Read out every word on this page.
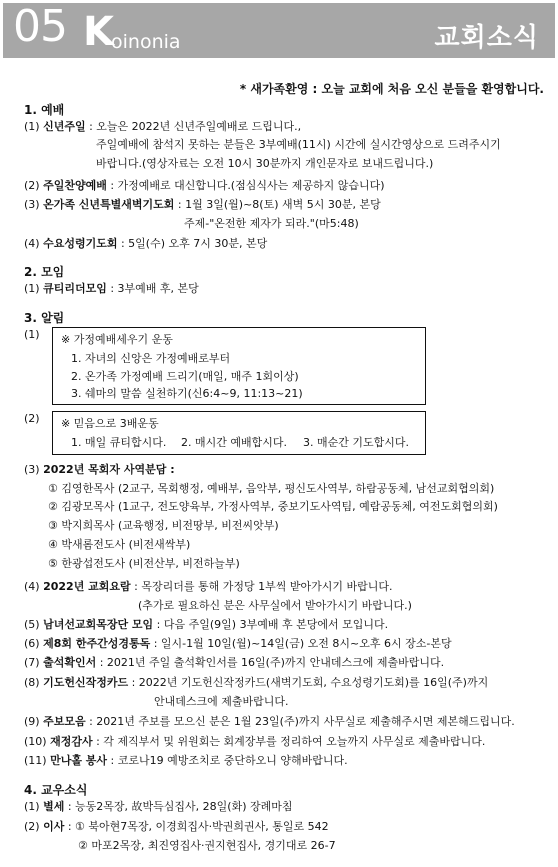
05 K
oinonia	교회소식
* 새가족환영 : 오늘 교회에 처음 오신 분들을 환영합니다.
1. 예배
(1) 신년주일 : 오늘은 2022년 신년주일예배로 드립니다.,
주일예배에 참석지 못하는 분들은 3부예배(11시) 시간에 실시간영상으로 드려주시기
바랍니다.(영상자료는 오전 10시 30분까지 개인문자로 보내드립니다.)
(2) 주일찬양예배 : 가정예배로 대신합니다.(점심식사는 제공하지 않습니다)
(3) 온가족 신년특별새벽기도회 : 1월 3일(월)~8(토) 새벽 5시 30분, 본당
주제-"온전한 제자가 되라."(마5:48)
(4) 수요성령기도회 : 5일(수) 오후 7시 30분, 본당
2. 모임
(1) 큐티리더모임 : 3부예배 후, 본당
3. 알림
(1) ※ 가정예배세우기 운동
1. 자녀의 신앙은 가정예배로부터
2. 온가족 가정예배 드리기(매일, 매주 1회이상)
3. 쉐마의 말씀 실천하기(신6:4~9, 11:13~21)
(2) ※ 믿음으로 3배운동
1. 매일 큐티합시다. 2. 매시간 예배합시다. 3. 매순간 기도합시다.
(3) 2022년 목회자 사역분담 :
① 김영한목사 (2교구, 목회행정, 예배부, 음악부, 평신도사역부, 하람공동체, 남선교회협의회)
② 김광모목사 (1교구, 전도양육부, 가정사역부, 중보기도사역팀, 예람공동체, 여전도회협의회)
③ 박지희목사 (교육행정, 비전땅부, 비전씨앗부)
④ 박새롬전도사 (비전새싹부)
⑤ 한광섭전도사 (비전산부, 비전하늘부)
(4) 2022년 교회요람 : 목장리더를 통해 가정당 1부씩 받아가시기 바랍니다.
(추가로 필요하신 분은 사무실에서 받아가시기 바랍니다.)
(5) 남녀선교회목장단 모임 : 다음 주일(9일) 3부예배 후 본당에서 모입니다.
(6) 제8회 한주간성경통독 : 일시-1월 10일(월)~14일(금) 오전 8시~오후 6시 장소-본당
(7) 출석확인서 : 2021년 주일 출석확인서를 16일(주)까지 안내데스크에 제출바랍니다.
(8) 기도헌신작정카드 : 2022년 기도헌신작정카드(새벽기도회, 수요성령기도회)를 16일(주)까지
안내데스크에 제출바랍니다.
(9) 주보모음 : 2021년 주보를 모으신 분은 1월 23일(주)까지 사무실로 제출해주시면 제본해드립니다.
(10) 재정감사 : 각 제직부서 및 위원회는 회계장부를 정리하여 오늘까지 사무실로 제출바랍니다.
(11) 만나홀 봉사 : 코로나19 예방조치로 중단하오니 양해바랍니다.
4. 교우소식
(1) 별세 : 능동2목장, 故박득심집사, 28일(화) 장례마침
(2) 이사 : ① 북아현7목장, 이경희집사·박권희권사, 통일로 542
② 마포2목장, 최진영집사·권지현집사, 경기대로 26-7
